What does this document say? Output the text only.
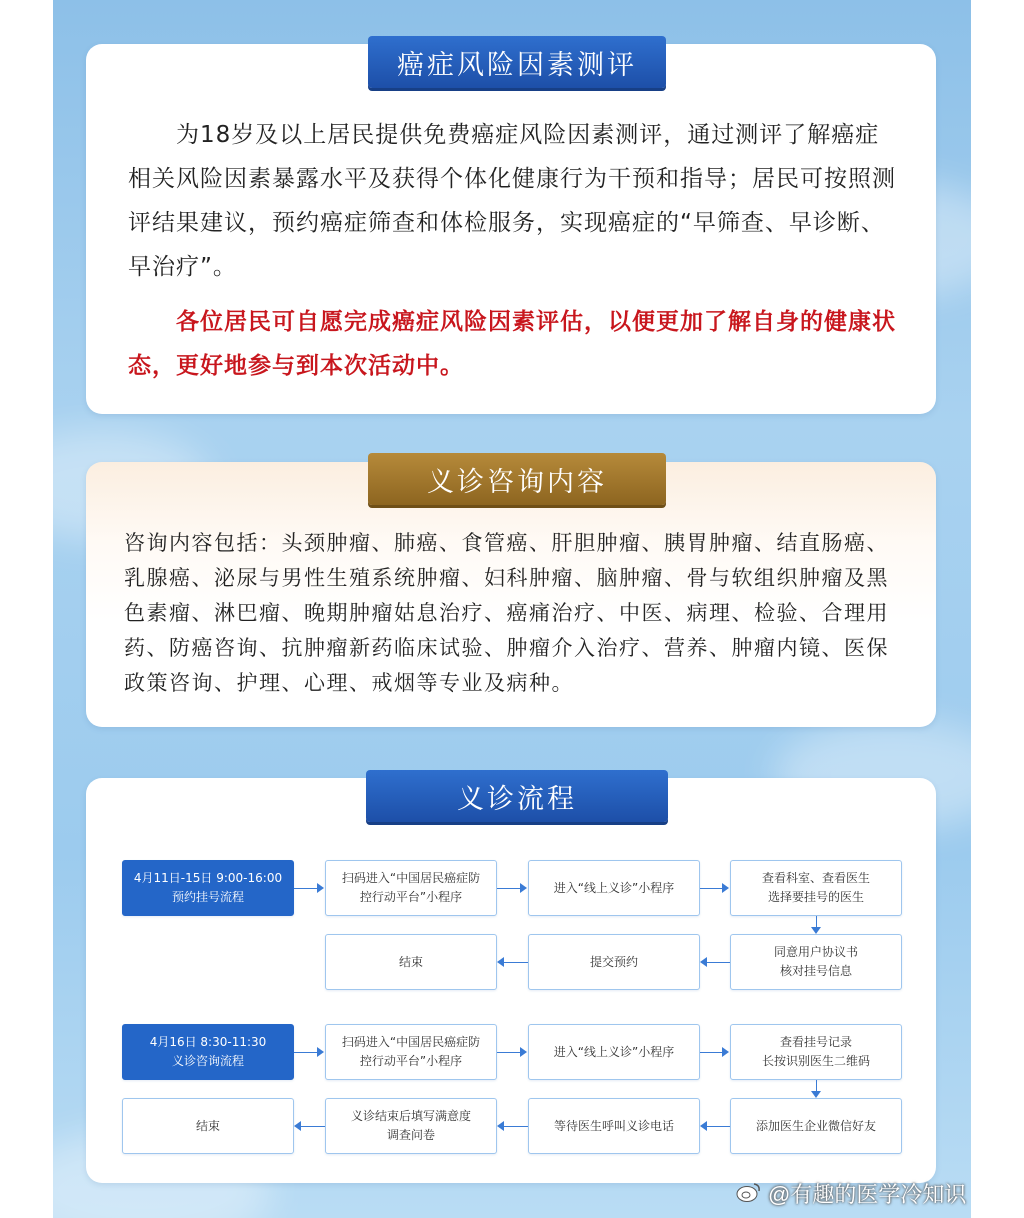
癌症风险因素测评

为18岁及以上居民提供免费癌症风险因素测评，通过测评了解癌症相关风险因素暴露水平及获得个体化健康行为干预和指导；居民可按照测评结果建议，预约癌症筛查和体检服务，实现癌症的“早筛查、早诊断、早治疗”。

各位居民可自愿完成癌症风险因素评估，以便更加了解自身的健康状态，更好地参与到本次活动中。

义诊咨询内容

咨询内容包括：头颈肿瘤、肺癌、食管癌、肝胆肿瘤、胰胃肿瘤、结直肠癌、乳腺癌、泌尿与男性生殖系统肿瘤、妇科肿瘤、脑肿瘤、骨与软组织肿瘤及黑色素瘤、淋巴瘤、晚期肿瘤姑息治疗、癌痛治疗、中医、病理、检验、合理用药、防癌咨询、抗肿瘤新药临床试验、肿瘤介入治疗、营养、肿瘤内镜、医保政策咨询、护理、心理、戒烟等专业及病种。

义诊流程
4月11日-15日 9:00-16:00
预约挂号流程
扫码进入“中国居民癌症防
控行动平台”小程序
进入“线上义诊”小程序
查看科室、查看医生
选择要挂号的医生
同意用户协议书
核对挂号信息
提交预约
结束
4月16日 8:30-11:30
义诊咨询流程
扫码进入“中国居民癌症防
控行动平台”小程序
进入“线上义诊”小程序
查看挂号记录
长按识别医生二维码
添加医生企业微信好友
等待医生呼叫义诊电话
义诊结束后填写满意度
调查问卷
结束
@有趣的医学冷知识
